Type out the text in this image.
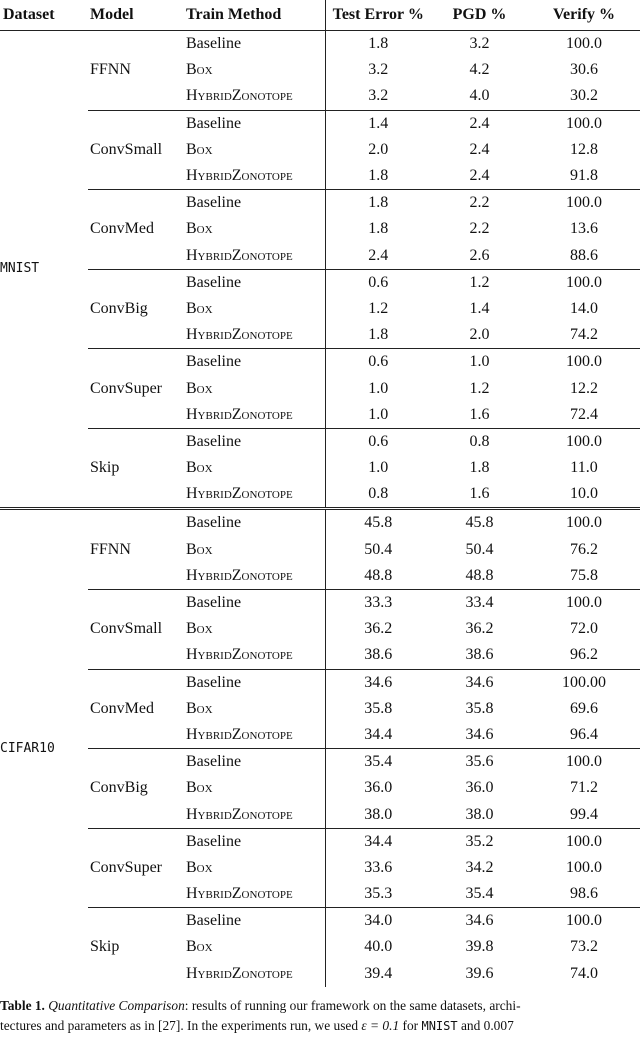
Dataset	Model	Train Method	Test Error %	PGD %	Verify %
MNIST	FFNN	Baseline	1.8	3.2	100.0
		Box	3.2	4.2	30.6
		HybridZonotope	3.2	4.0	30.2
	ConvSmall	Baseline	1.4	2.4	100.0
		Box	2.0	2.4	12.8
		HybridZonotope	1.8	2.4	91.8
	ConvMed	Baseline	1.8	2.2	100.0
		Box	1.8	2.2	13.6
		HybridZonotope	2.4	2.6	88.6
	ConvBig	Baseline	0.6	1.2	100.0
		Box	1.2	1.4	14.0
		HybridZonotope	1.8	2.0	74.2
	ConvSuper	Baseline	0.6	1.0	100.0
		Box	1.0	1.2	12.2
		HybridZonotope	1.0	1.6	72.4
	Skip	Baseline	0.6	0.8	100.0
		Box	1.0	1.8	11.0
		HybridZonotope	0.8	1.6	10.0
CIFAR10	FFNN	Baseline	45.8	45.8	100.0
		Box	50.4	50.4	76.2
		HybridZonotope	48.8	48.8	75.8
	ConvSmall	Baseline	33.3	33.4	100.0
		Box	36.2	36.2	72.0
		HybridZonotope	38.6	38.6	96.2
	ConvMed	Baseline	34.6	34.6	100.00
		Box	35.8	35.8	69.6
		HybridZonotope	34.4	34.6	96.4
	ConvBig	Baseline	35.4	35.6	100.0
		Box	36.0	36.0	71.2
		HybridZonotope	38.0	38.0	99.4
	ConvSuper	Baseline	34.4	35.2	100.0
		Box	33.6	34.2	100.0
		HybridZonotope	35.3	35.4	98.6
	Skip	Baseline	34.0	34.6	100.0
		Box	40.0	39.8	73.2
		HybridZonotope	39.4	39.6	74.0
Table 1. Quantitative Comparison: results of running our framework on the same datasets, archi-
tectures and parameters as in [27]. In the experiments run, we used ε = 0.1 for MNIST and 0.007
